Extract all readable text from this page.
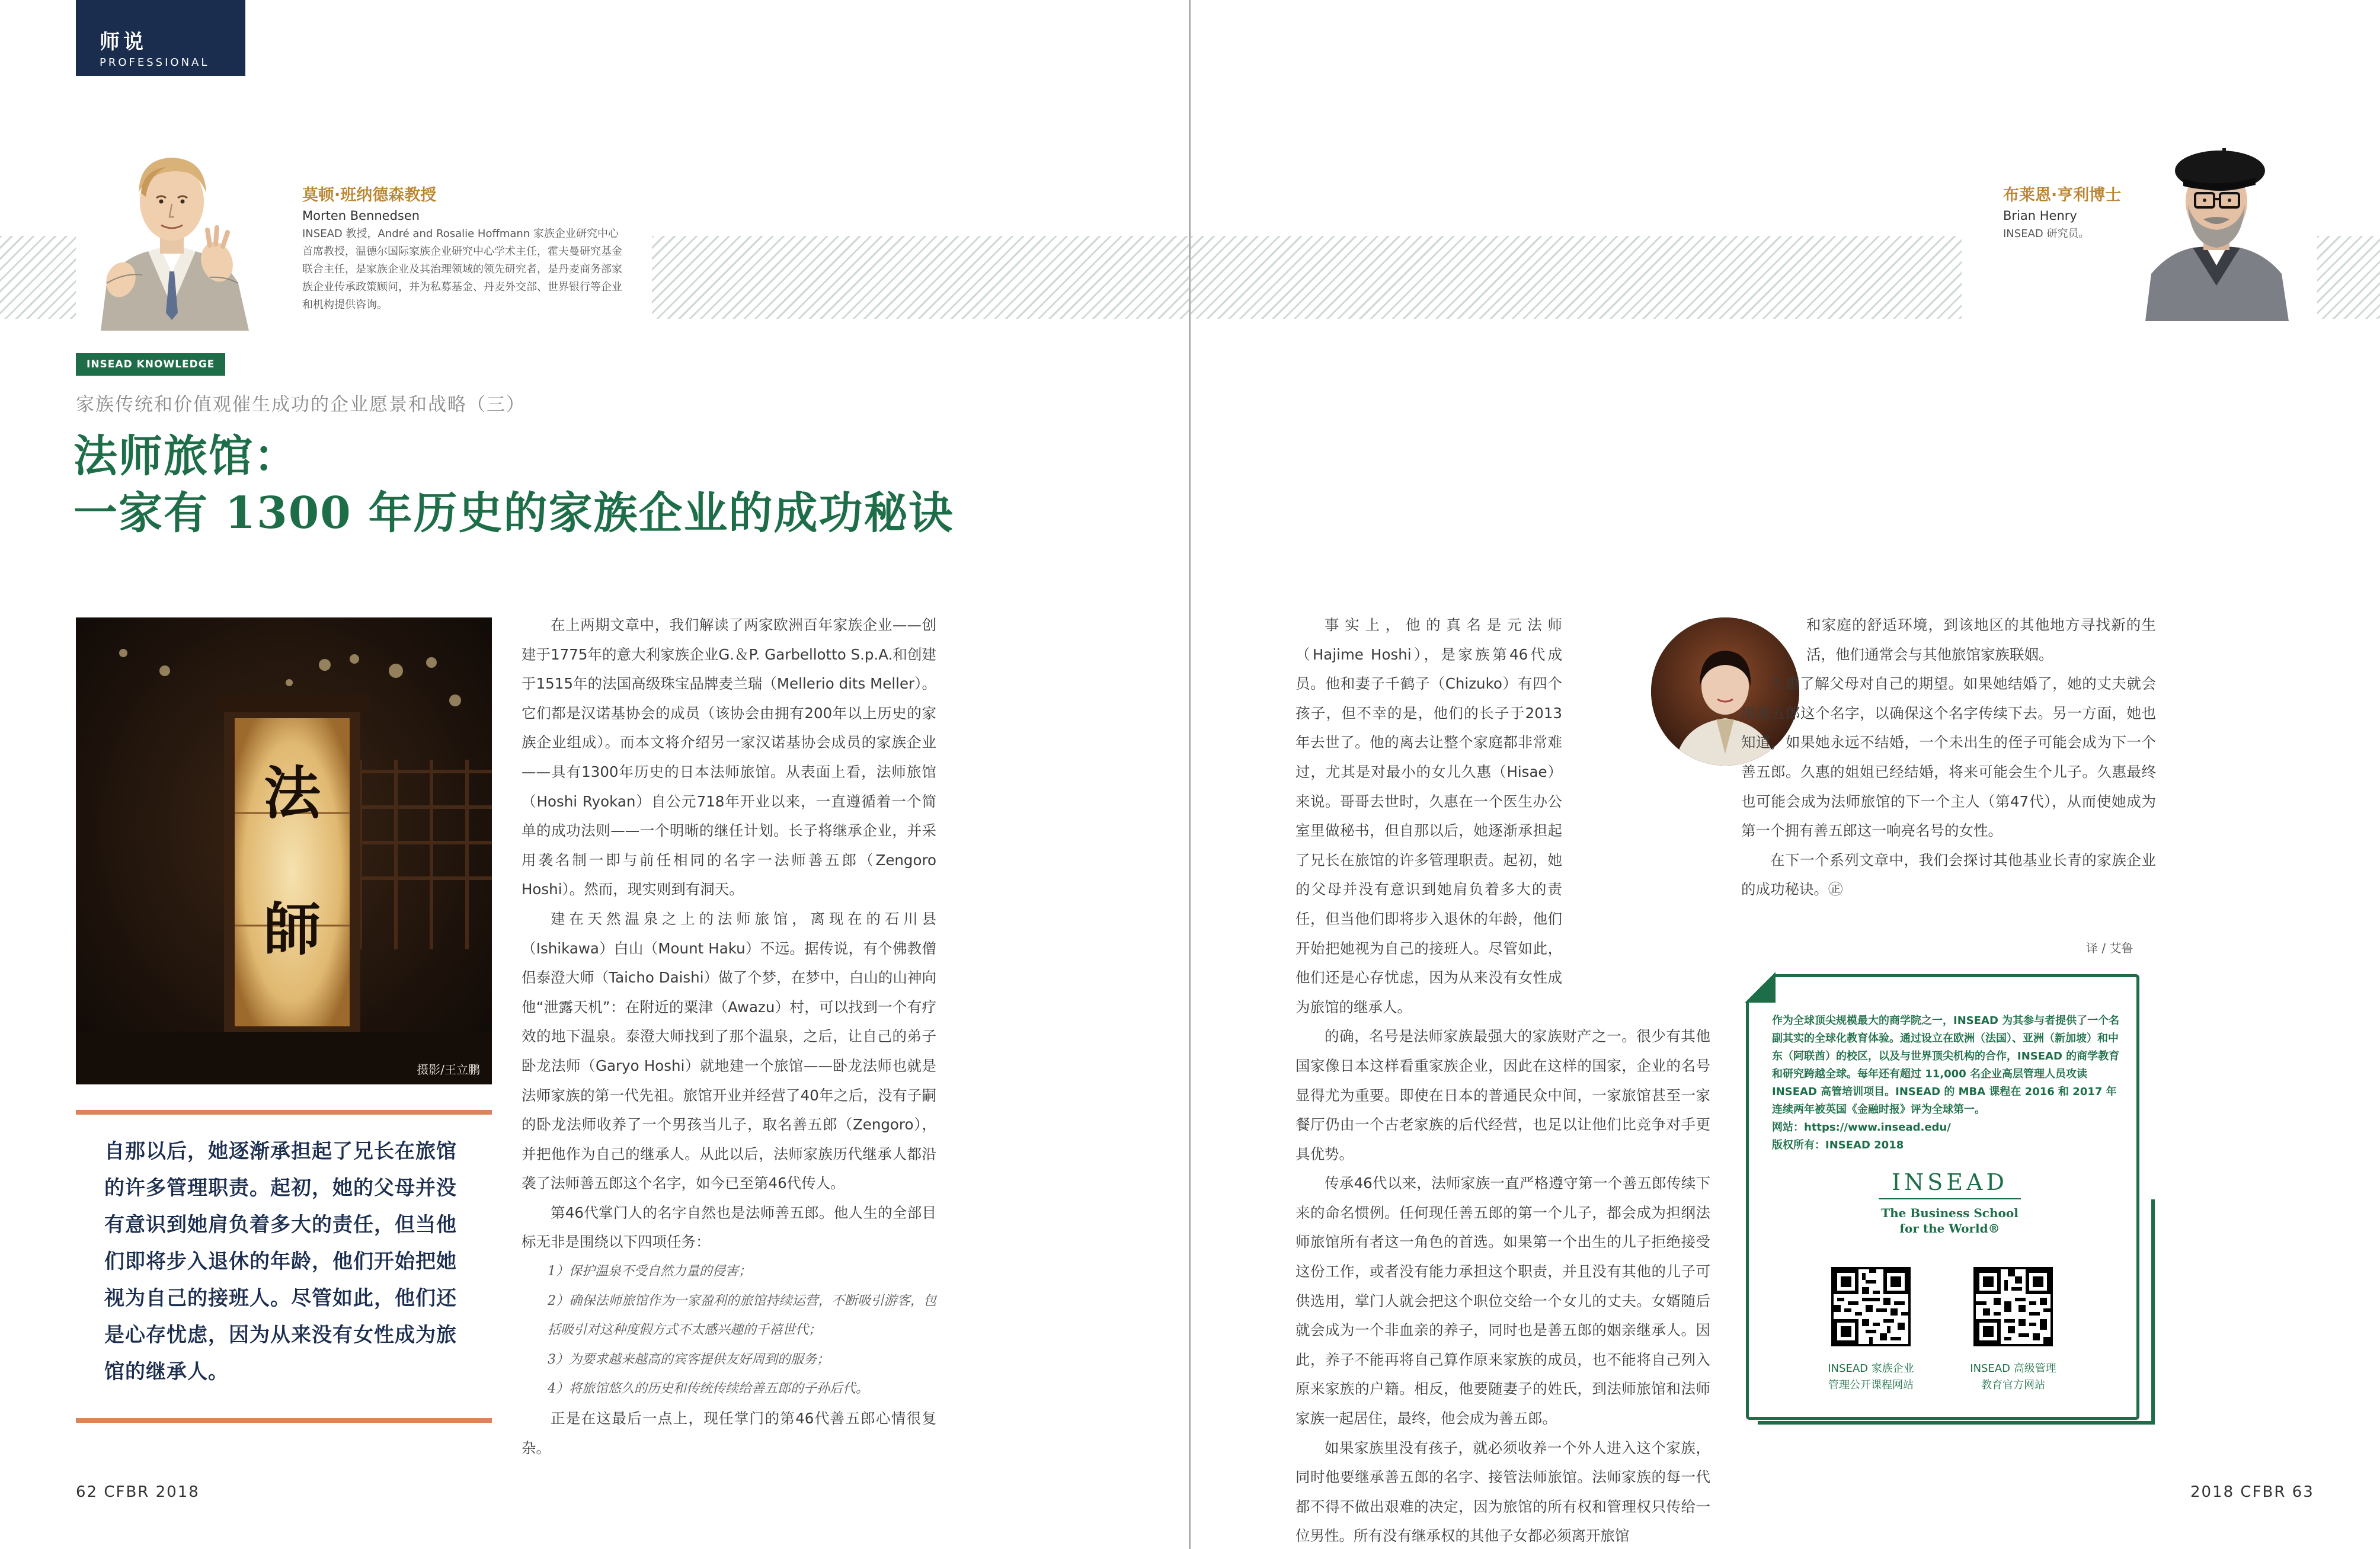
师说
PROFESSIONAL
莫顿·班纳德森教授
Morten Bennedsen
INSEAD 教授，André and Rosalie Hoffmann 家族企业研究中心首席教授，温德尔国际家族企业研究中心学术主任，霍夫曼研究基金联合主任，是家族企业及其治理领域的领先研究者，是丹麦商务部家族企业传承政策顾问，并为私募基金、丹麦外交部、世界银行等企业和机构提供咨询。
布莱恩·亨利博士
Brian Henry
INSEAD 研究员。
INSEAD KNOWLEDGE
家族传统和价值观催生成功的企业愿景和战略（三）
法师旅馆：
一家有 1300 年历史的家族企业的成功秘诀
法
師
摄影/王立鹏
自那以后，她逐渐承担起了兄长在旅馆的许多管理职责。起初，她的父母并没有意识到她肩负着多大的责任，但当他们即将步入退休的年龄，他们开始把她视为自己的接班人。尽管如此，他们还是心存忧虑，因为从来没有女性成为旅馆的继承人。

在上两期文章中，我们解读了两家欧洲百年家族企业——创建于1775年的意大利家族企业G.＆P. Garbellotto S.p.A.和创建于1515年的法国高级珠宝品牌麦兰瑞（Mellerio dits Meller）。它们都是汉诺基协会的成员（该协会由拥有200年以上历史的家族企业组成）。而本文将介绍另一家汉诺基协会成员的家族企业——具有1300年历史的日本法师旅馆。从表面上看，法师旅馆（Hoshi Ryokan）自公元718年开业以来，一直遵循着一个简单的成功法则——一个明晰的继任计划。长子将继承企业，并采用袭名制一即与前任相同的名字一法师善五郎（Zengoro Hoshi）。然而，现实则到有洞天。

建在天然温泉之上的法师旅馆，离现在的石川县（Ishikawa）白山（Mount Haku）不远。据传说，有个佛教僧侣泰澄大师（Taicho Daishi）做了个梦，在梦中，白山的山神向他“泄露天机”：在附近的粟津（Awazu）村，可以找到一个有疗效的地下温泉。泰澄大师找到了那个温泉，之后，让自己的弟子卧龙法师（Garyo Hoshi）就地建一个旅馆——卧龙法师也就是法师家族的第一代先祖。旅馆开业并经营了40年之后，没有子嗣的卧龙法师收养了一个男孩当儿子，取名善五郎（Zengoro），并把他作为自己的继承人。从此以后，法师家族历代继承人都沿袭了法师善五郎这个名字，如今已至第46代传人。

第46代掌门人的名字自然也是法师善五郎。他人生的全部目标无非是围绕以下四项任务：

1）保护温泉不受自然力量的侵害；

2）确保法师旅馆作为一家盈利的旅馆持续运营，不断吸引游客，包括吸引对这种度假方式不太感兴趣的千禧世代；

3）为要求越来越高的宾客提供友好周到的服务；

4）将旅馆悠久的历史和传统传续给善五郎的子孙后代。

正是在这最后一点上，现任掌门的第46代善五郎心情很复杂。

事实上，他的真名是元法师（Hajime Hoshi），是家族第46代成员。他和妻子千鹤子（Chizuko）有四个孩子，但不幸的是，他们的长子于2013年去世了。他的离去让整个家庭都非常难过，尤其是对最小的女儿久惠（Hisae）来说。哥哥去世时，久惠在一个医生办公室里做秘书，但自那以后，她逐渐承担起了兄长在旅馆的许多管理职责。起初，她的父母并没有意识到她肩负着多大的责任，但当他们即将步入退休的年龄，他们开始把她视为自己的接班人。尽管如此，他们还是心存忧虑，因为从来没有女性成为旅馆的继承人。

的确，名号是法师家族最强大的家族财产之一。很少有其他国家像日本这样看重家族企业，因此在这样的国家，企业的名号显得尤为重要。即使在日本的普通民众中间，一家旅馆甚至一家餐厅仍由一个古老家族的后代经营，也足以让他们比竞争对手更具优势。

传承46代以来，法师家族一直严格遵守第一个善五郎传续下来的命名惯例。任何现任善五郎的第一个儿子，都会成为担纲法师旅馆所有者这一角色的首选。如果第一个出生的儿子拒绝接受这份工作，或者没有能力承担这个职责，并且没有其他的儿子可供选用，掌门人就会把这个职位交给一个女儿的丈夫。女婿随后就会成为一个非血亲的养子，同时也是善五郎的姻亲继承人。因此，养子不能再将自己算作原来家族的成员，也不能将自己列入原来家族的户籍。相反，他要随妻子的姓氏，到法师旅馆和法师家族一起居住，最终，他会成为善五郎。

如果家族里没有孩子，就必须收养一个外人进入这个家族，同时他要继承善五郎的名字、接管法师旅馆。法师家族的每一代都不得不做出艰难的决定，因为旅馆的所有权和管理权只传给一位男性。所有没有继承权的其他子女都必须离开旅馆

和家庭的舒适环境，到该地区的其他地方寻找新的生活，他们通常会与其他旅馆家族联姻。

久惠了解父母对自己的期望。如果她结婚了，她的丈夫就会用善五郎这个名字，以确保这个名字传续下去。另一方面，她也知道，如果她永远不结婚，一个未出生的侄子可能会成为下一个善五郎。久惠的姐姐已经结婚，将来可能会生个儿子。久惠最终也可能会成为法师旅馆的下一个主人（第47代），从而使她成为第一个拥有善五郎这一响亮名号的女性。

在下一个系列文章中，我们会探讨其他基业长青的家族企业的成功秘诀。㊣

译 / 艾鲁
作为全球顶尖规模最大的商学院之一，INSEAD 为其参与者提供了一个名副其实的全球化教育体验。通过设立在欧洲（法国）、亚洲（新加坡）和中东（阿联酋）的校区，以及与世界顶尖机构的合作，INSEAD 的商学教育和研究跨越全球。每年还有超过 11,000 名企业高层管理人员攻读 INSEAD 高管培训项目。INSEAD 的 MBA 课程在 2016 和 2017 年连续两年被英国《金融时报》评为全球第一。
网站：https://www.insead.edu/
版权所有：INSEAD 2018
INSEAD
The Business School
for the World®
INSEAD 家族企业
管理公开课程网站
INSEAD 高级管理
教育官方网站
62 CFBR 2018	2018 CFBR 63
